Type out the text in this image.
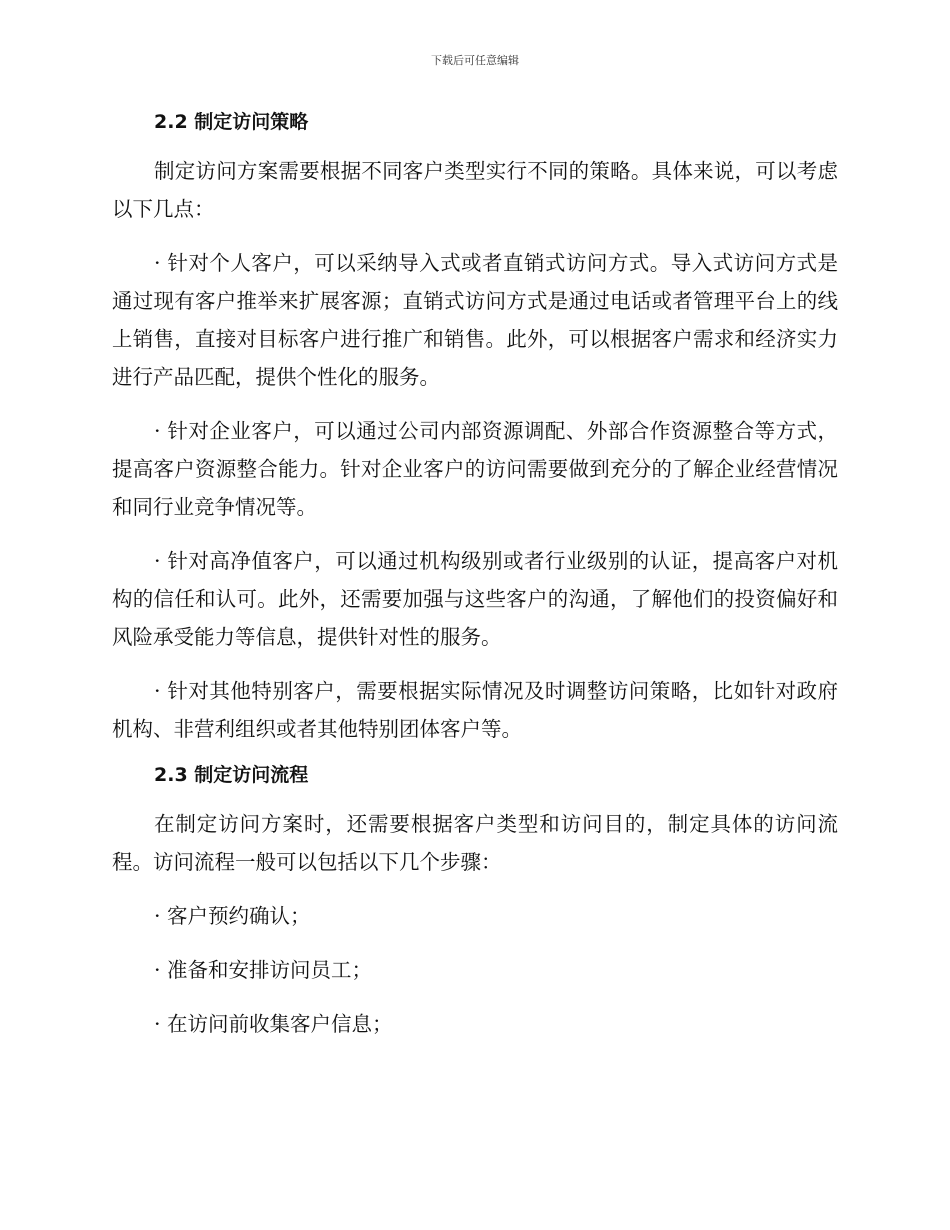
下载后可任意编辑
2.2 制定访问策略

制定访问方案需要根据不同客户类型实行不同的策略。具体来说，可以考虑以下几点：

· 针对个人客户，可以采纳导入式或者直销式访问方式。导入式访问方式是通过现有客户推举来扩展客源；直销式访问方式是通过电话或者管理平台上的线上销售，直接对目标客户进行推广和销售。此外，可以根据客户需求和经济实力进行产品匹配，提供个性化的服务。

· 针对企业客户，可以通过公司内部资源调配、外部合作资源整合等方式，提高客户资源整合能力。针对企业客户的访问需要做到充分的了解企业经营情况和同行业竞争情况等。

· 针对高净值客户，可以通过机构级别或者行业级别的认证，提高客户对机构的信任和认可。此外，还需要加强与这些客户的沟通，了解他们的投资偏好和风险承受能力等信息，提供针对性的服务。

· 针对其他特别客户，需要根据实际情况及时调整访问策略，比如针对政府机构、非营利组织或者其他特别团体客户等。

2.3 制定访问流程

在制定访问方案时，还需要根据客户类型和访问目的，制定具体的访问流程。访问流程一般可以包括以下几个步骤：

· 客户预约确认；

· 准备和安排访问员工；

· 在访问前收集客户信息；
